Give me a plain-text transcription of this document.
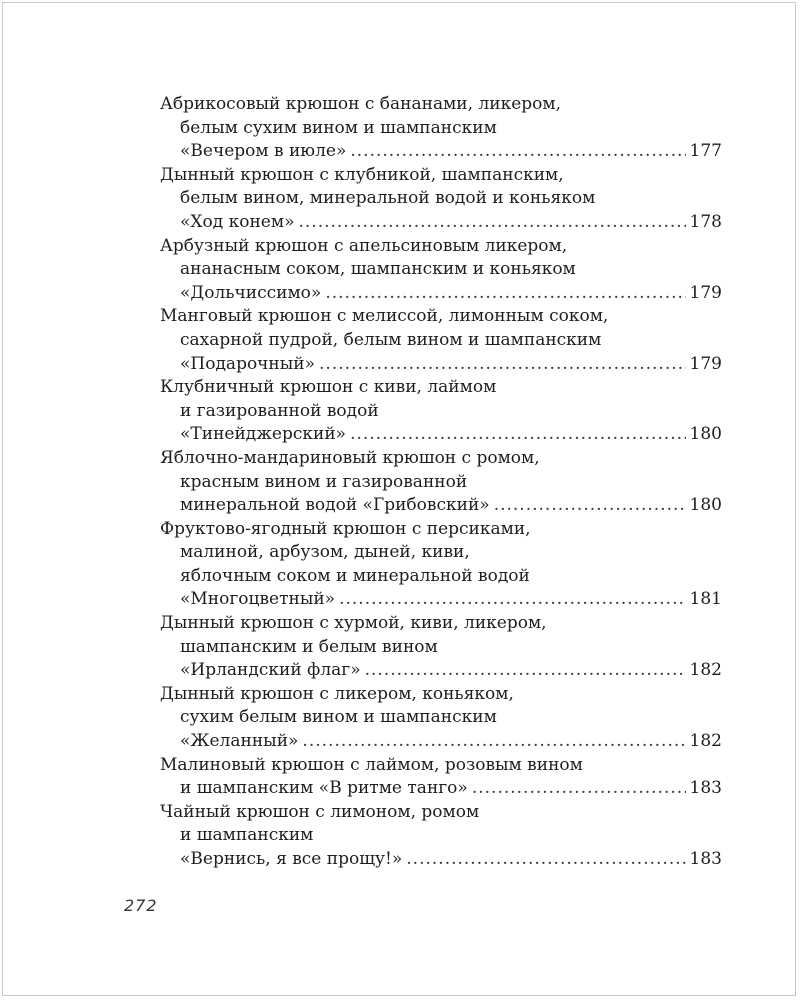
Абрикосовый крюшон с бананами, ликером,
белым сухим вином и шампанским
«Вечером в июле» .....	177
Дынный крюшон с клубникой, шампанским,
белым вином, минеральной водой и коньяком
«Ход конем» .....	178
Арбузный крюшон с апельсиновым ликером,
ананасным соком, шампанским и коньяком
«Дольчиссимо» .....	179
Манговый крюшон с мелиссой, лимонным соком,
сахарной пудрой, белым вином и шампанским
«Подарочный» .....	179
Клубничный крюшон с киви, лаймом
и газированной водой
«Тинейджерский» .....	180
Яблочно-мандариновый крюшон с ромом,
красным вином и газированной
минеральной водой «Грибовский» .....	180
Фруктово-ягодный крюшон с персиками,
малиной, арбузом, дыней, киви,
яблочным соком и минеральной водой
«Многоцветный» .....	181
Дынный крюшон с хурмой, киви, ликером,
шампанским и белым вином
«Ирландский флаг» .....	182
Дынный крюшон с ликером, коньяком,
сухим белым вином и шампанским
«Желанный» .....	182
Малиновый крюшон с лаймом, розовым вином
и шампанским «В ритме танго» .....	183
Чайный крюшон с лимоном, ромом
и шампанским
«Вернись, я все прощу!» .....	183
272
